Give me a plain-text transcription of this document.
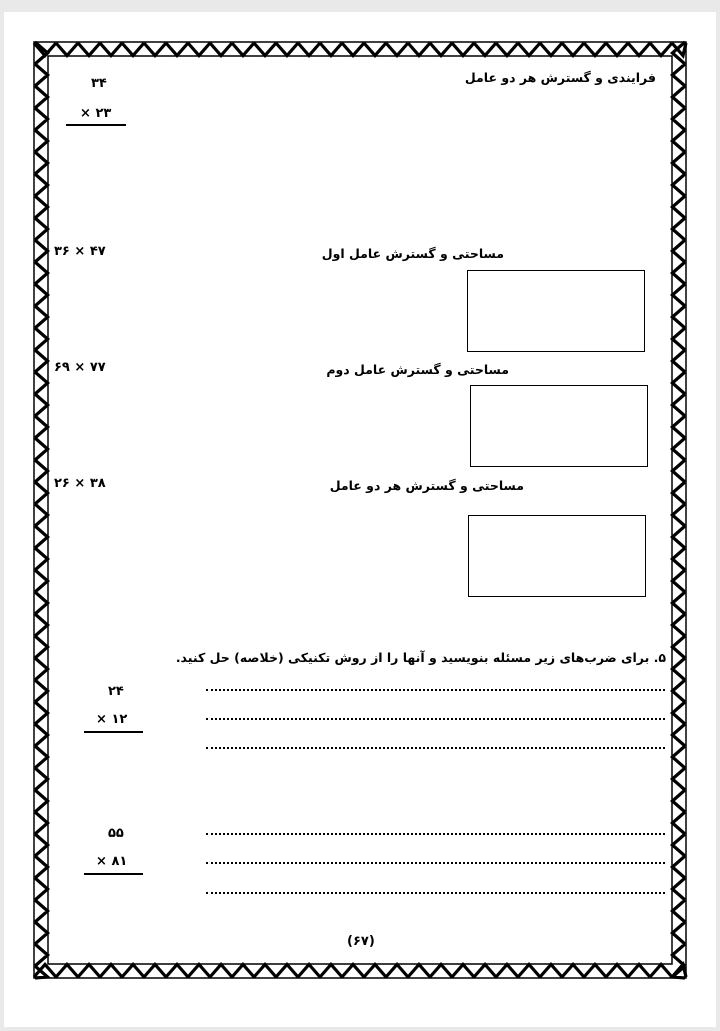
فرایندی و گسترش هر دو عامل
۳۴
× ۲۳
مساحتی و گسترش عامل اول
۳۶ × ۴۷
مساحتی و گسترش عامل دوم
۶۹ × ۷۷
مساحتی و گسترش هر دو عامل
۲۶ × ۳۸
۵. برای ضرب‌های زیر مسئله بنویسید و آنها را از روش تکنیکی (خلاصه) حل کنید.
۲۴
× ۱۲
۵۵
× ۸۱
(۶۷)
